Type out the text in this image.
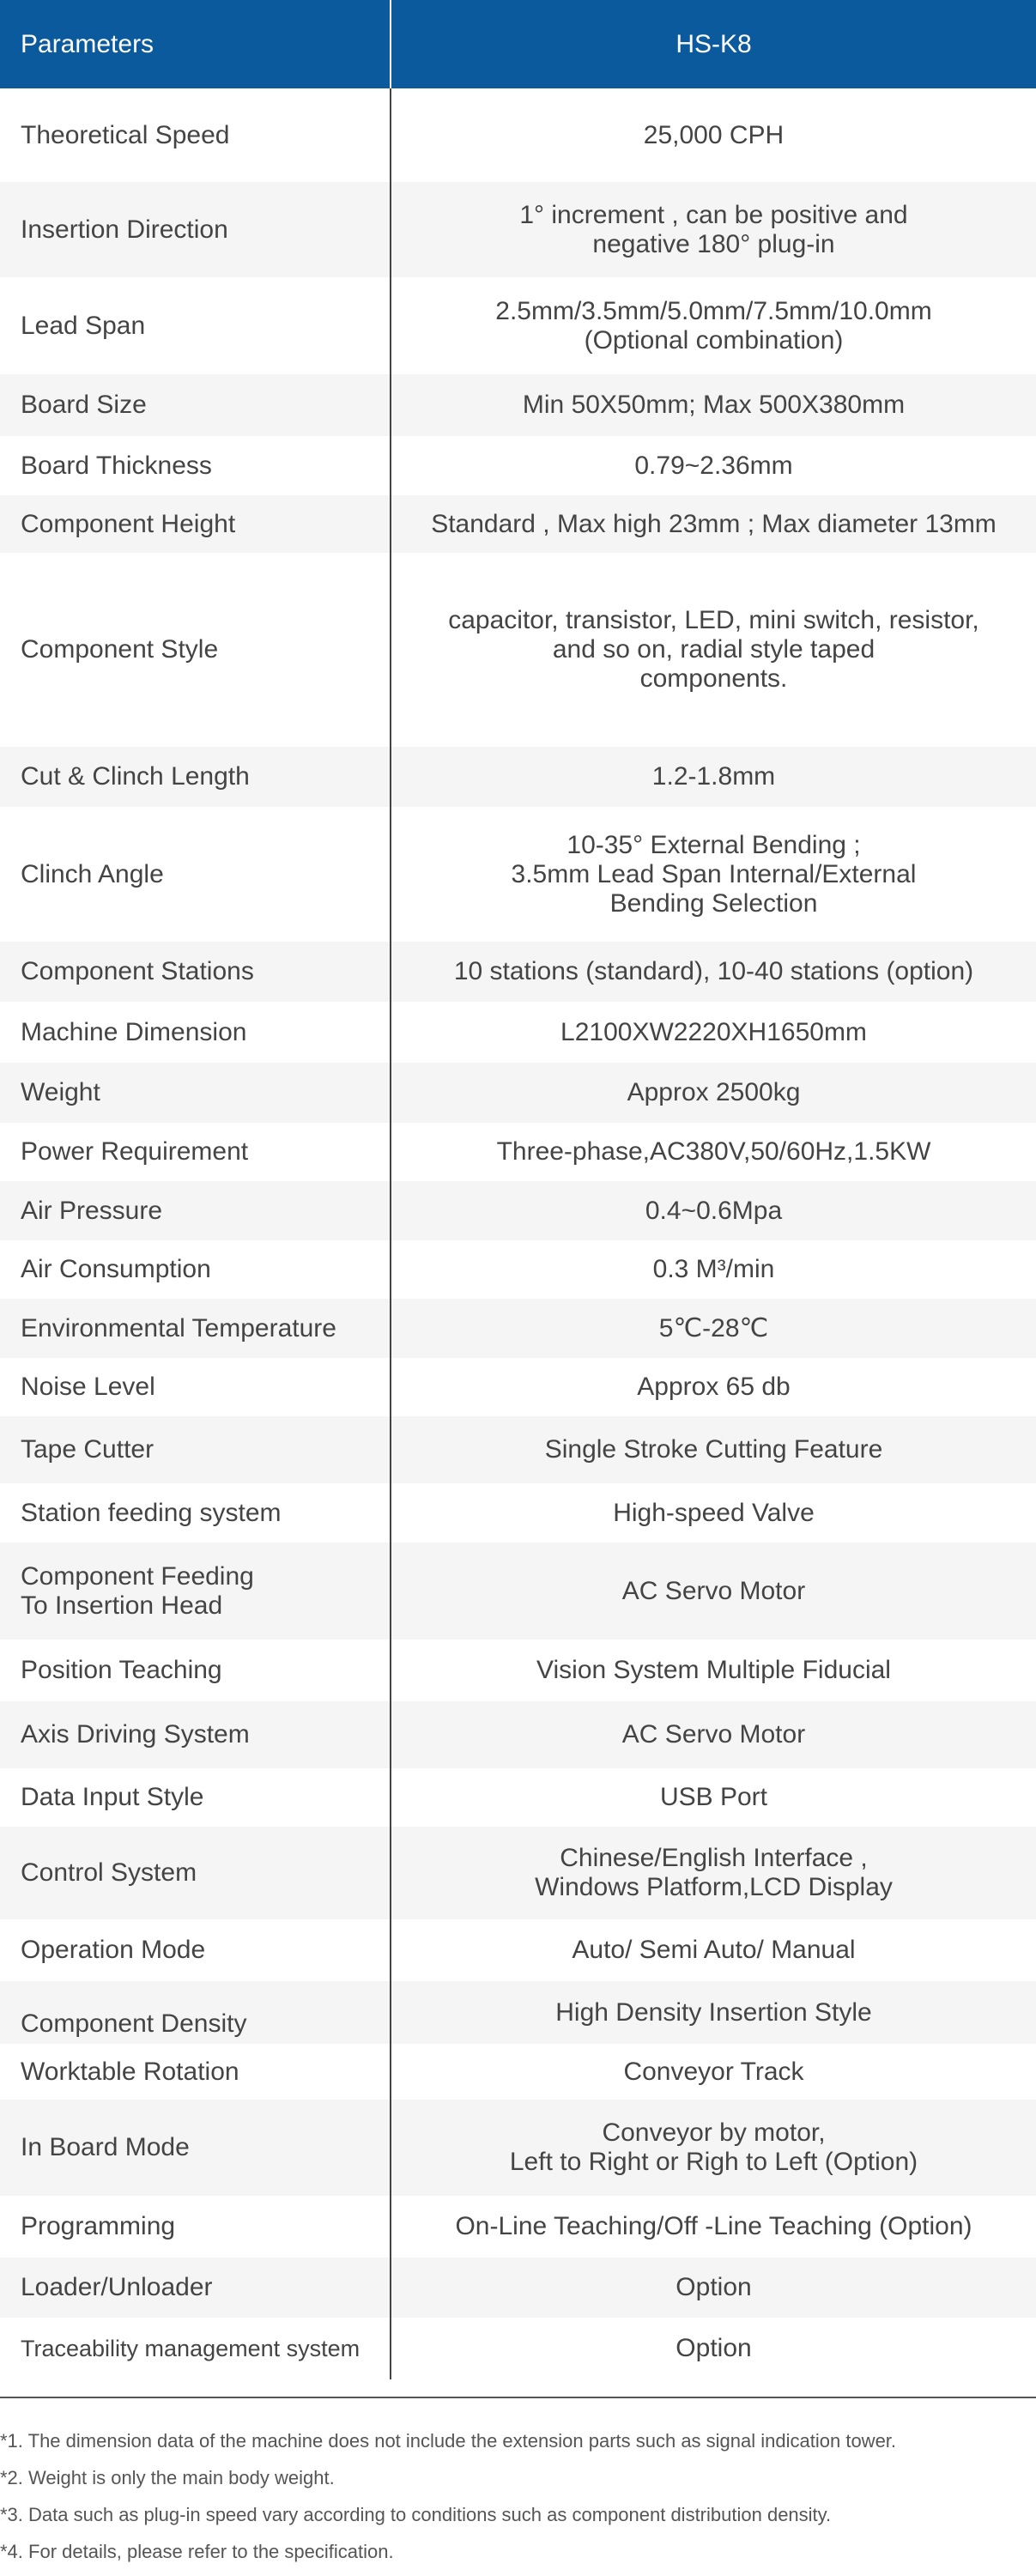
Parameters	HS-K8
Theoretical Speed	25,000 CPH
Insertion Direction	1° increment , can be positive and
negative 180° plug-in
Lead Span	2.5mm/3.5mm/5.0mm/7.5mm/10.0mm
(Optional combination)
Board Size	Min 50X50mm; Max 500X380mm
Board Thickness	0.79~2.36mm
Component Height	Standard , Max high 23mm ; Max diameter 13mm
Component Style	capacitor, transistor, LED, mini switch, resistor,
and so on, radial style taped
components.
Cut & Clinch Length	1.2-1.8mm
Clinch Angle	10-35° External Bending ;
3.5mm Lead Span Internal/External
Bending Selection
Component Stations	10 stations (standard), 10-40 stations (option)
Machine Dimension	L2100XW2220XH1650mm
Weight	Approx 2500kg
Power Requirement	Three-phase,AC380V,50/60Hz,1.5KW
Air Pressure	0.4~0.6Mpa
Air Consumption	0.3 M³/min
Environmental Temperature	5℃-28℃
Noise Level	Approx 65 db
Tape Cutter	Single Stroke Cutting Feature
Station feeding system	High-speed Valve
Component Feeding
To Insertion Head	AC Servo Motor
Position Teaching	Vision System Multiple Fiducial
Axis Driving System	AC Servo Motor
Data Input Style	USB Port
Control System	Chinese/English Interface ,
Windows Platform,LCD Display
Operation Mode	Auto/ Semi Auto/ Manual
Component Density	High Density Insertion Style
Worktable Rotation	Conveyor Track
In Board Mode	Conveyor by motor,
Left to Right or Righ to Left (Option)
Programming	On-Line Teaching/Off -Line Teaching (Option)
Loader/Unloader	Option
Traceability management system	Option
*1. The dimension data of the machine does not include the extension parts such as signal indication tower.
*2. Weight is only the main body weight.
*3. Data such as plug-in speed vary according to conditions such as component distribution density.
*4. For details, please refer to the specification.
